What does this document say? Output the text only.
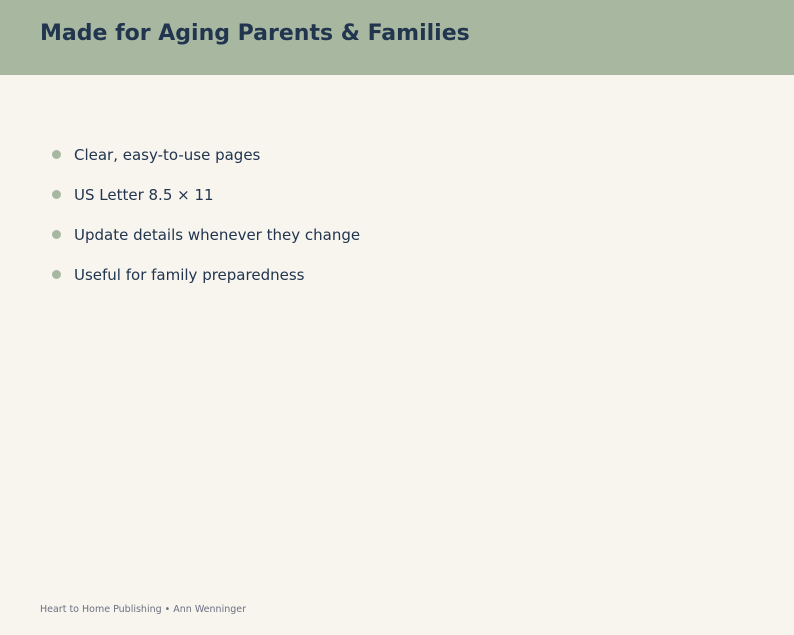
Made for Aging Parents & Families
Clear, easy-to-use pages
US Letter 8.5 × 11
Update details whenever they change
Useful for family preparedness

Heart to Home Publishing • Ann Wenninger
